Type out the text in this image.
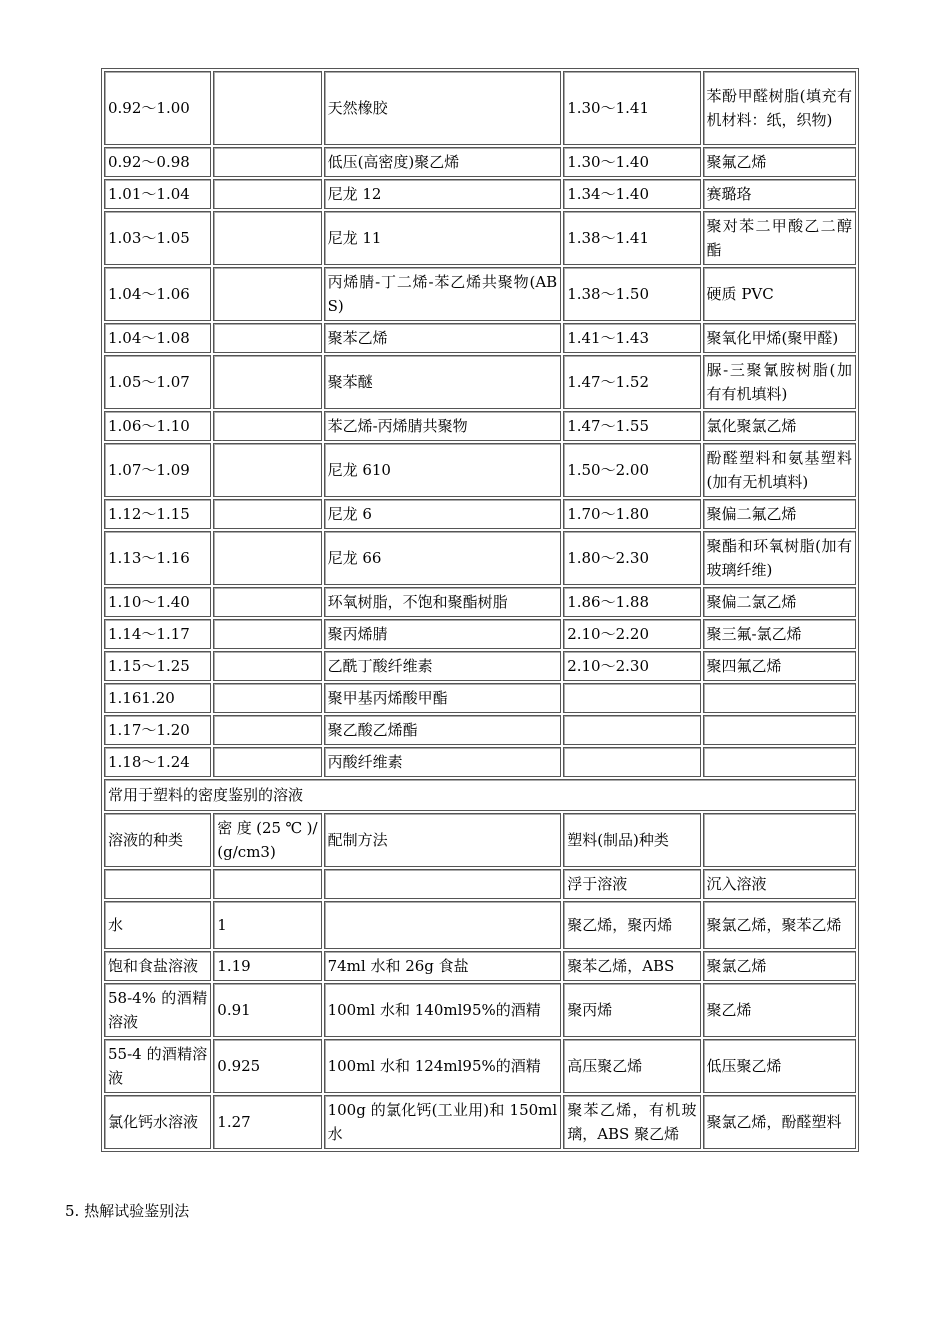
0.92～1.00		天然橡胶	1.30～1.41	苯酚甲醛树脂(填充有机材料：纸，织物)
0.92～0.98		低压(高密度)聚乙烯	1.30～1.40	聚氟乙烯
1.01～1.04		尼龙 12	1.34～1.40	赛璐珞
1.03～1.05		尼龙 11	1.38～1.41	聚对苯二甲酸乙二醇酯
1.04～1.06		丙烯腈-丁二烯-苯乙烯共聚物(ABS)	1.38～1.50	硬质 PVC
1.04～1.08		聚苯乙烯	1.41～1.43	聚氧化甲烯(聚甲醛)
1.05～1.07		聚苯醚	1.47～1.52	脲-三聚氰胺树脂(加有有机填料)
1.06～1.10		苯乙烯-丙烯腈共聚物	1.47～1.55	氯化聚氯乙烯
1.07～1.09		尼龙 610	1.50～2.00	酚醛塑料和氨基塑料(加有无机填料)
1.12～1.15		尼龙 6	1.70～1.80	聚偏二氟乙烯
1.13～1.16		尼龙 66	1.80～2.30	聚酯和环氧树脂(加有玻璃纤维)
1.10～1.40		环氧树脂，不饱和聚酯树脂	1.86～1.88	聚偏二氯乙烯
1.14～1.17		聚丙烯腈	2.10～2.20	聚三氟-氯乙烯
1.15～1.25		乙酰丁酸纤维素	2.10～2.30	聚四氟乙烯
1.161.20		聚甲基丙烯酸甲酯		
1.17～1.20		聚乙酸乙烯酯		
1.18～1.24		丙酸纤维素		
常用于塑料的密度鉴别的溶液				
溶液的种类	密度(25℃)/(g/cm3)	配制方法	塑料(制品)种类	
			浮于溶液	沉入溶液
水	1		聚乙烯，聚丙烯	聚氯乙烯，聚苯乙烯
饱和食盐溶液	1.19	74ml 水和 26g 食盐	聚苯乙烯，ABS	聚氯乙烯
58-4% 的酒精溶液	0.91	100ml 水和 140ml95%的酒精	聚丙烯	聚乙烯
55-4 的酒精溶液	0.925	100ml 水和 124ml95%的酒精	高压聚乙烯	低压聚乙烯
氯化钙水溶液	1.27	100g 的氯化钙(工业用)和 150ml 水	聚苯乙烯，有机玻璃，ABS 聚乙烯	聚氯乙烯，酚醛塑料
5. 热解试验鉴别法
